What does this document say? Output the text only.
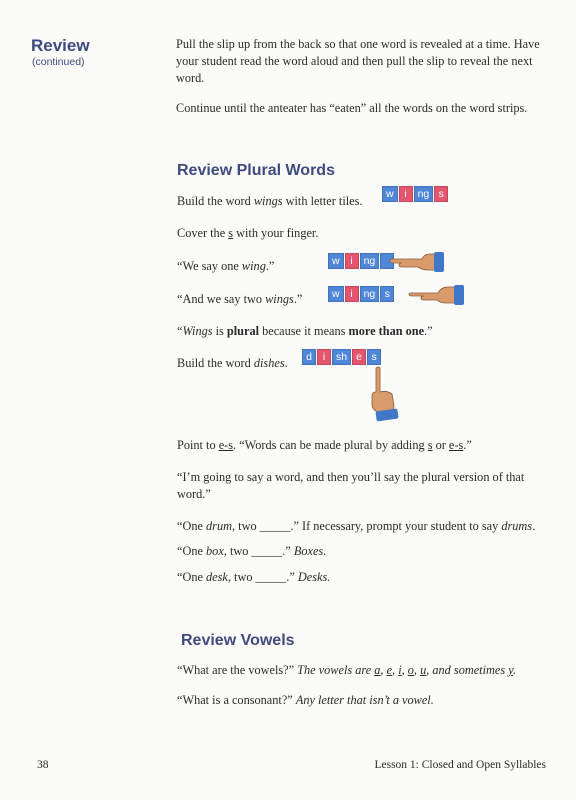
Review
(continued)

Pull the slip up from the back so that one word is revealed at a time. Have your student read the word aloud and then pull the slip to reveal the next word.

Continue until the anteater has “eaten” all the words on the word strips.

Review Plural Words

Build the word wings with letter tiles.	w	i	ng s

Cover the s with your finger.

“We say one wing.”	w	i	ng

“And we say two wings.”	w	i	ng s

“Wings is plural because it means more than one.”

Build the word dishes.	d	i	sh e s

Point to e-s. “Words can be made plural by adding s or e-s.”

“I’m going to say a word, and then you’ll say the plural version of that word.”

“One drum, two _____.” If necessary, prompt your student to say drums.

“One box, two _____.” Boxes.

“One desk, two _____.” Desks.

Review Vowels

“What are the vowels?” The vowels are a, e, i, o, u, and sometimes y.

“What is a consonant?” Any letter that isn’t a vowel.

38	Lesson 1: Closed and Open Syllables
